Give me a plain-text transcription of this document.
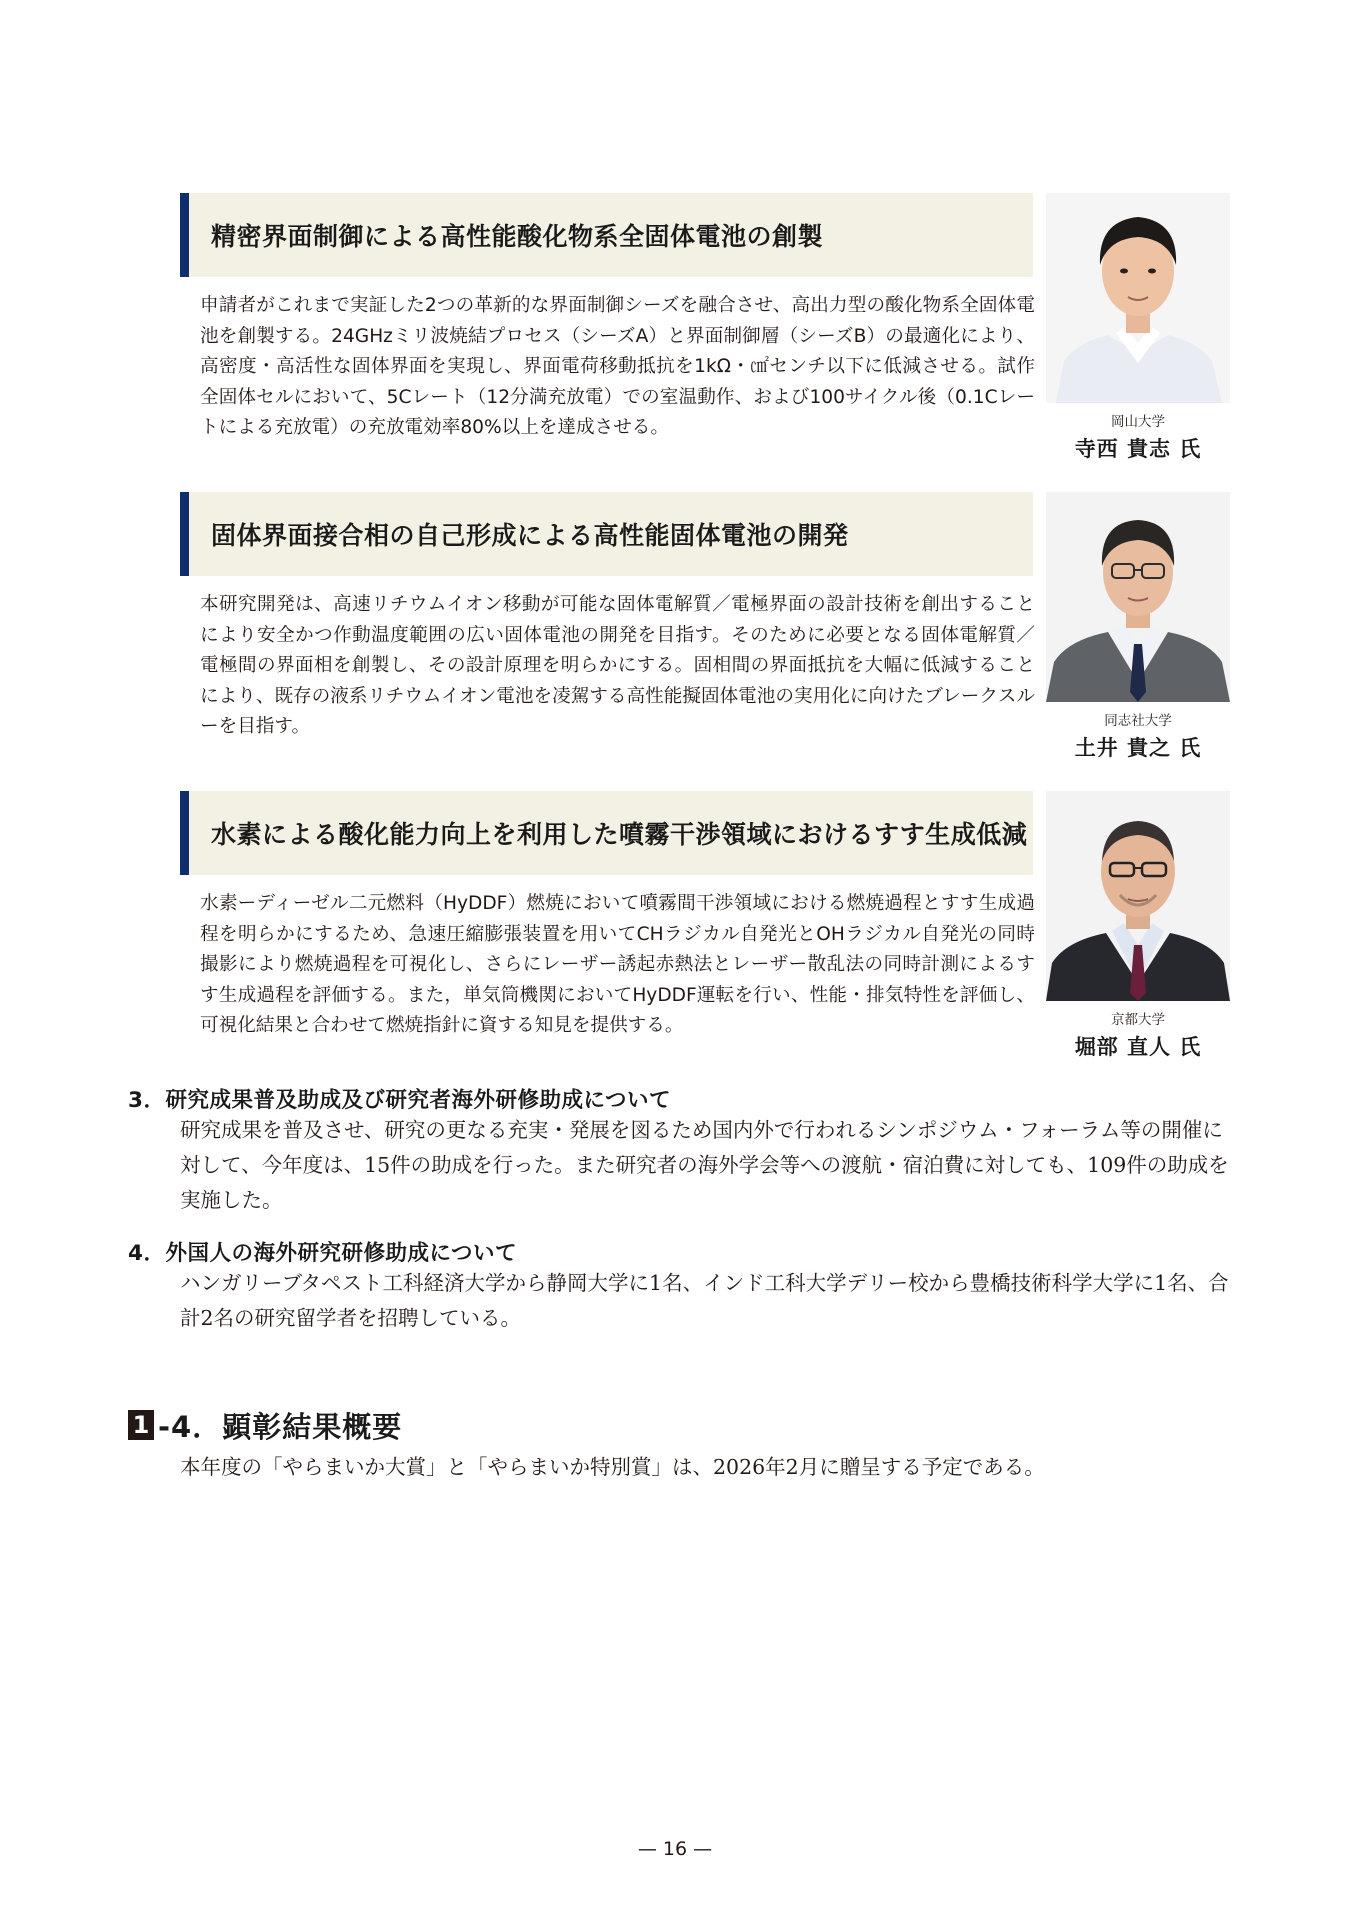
精密界面制御による高性能酸化物系全固体電池の創製
申請者がこれまで実証した2つの革新的な界面制御シーズを融合させ、高出力型の酸化物系全固体電池を創製する。24GHzミリ波焼結プロセス（シーズA）と界面制御層（シーズB）の最適化により、高密度・高活性な固体界面を実現し、界面電荷移動抵抗を1kΩ・㎠センチ以下に低減させる。試作全固体セルにおいて、5Cレート（12分満充放電）での室温動作、および100サイクル後（0.1Cレートによる充放電）の充放電効率80%以上を達成させる。	岡山大学
寺西 貴志 氏
固体界面接合相の自己形成による高性能固体電池の開発
本研究開発は、高速リチウムイオン移動が可能な固体電解質／電極界面の設計技術を創出することにより安全かつ作動温度範囲の広い固体電池の開発を目指す。そのために必要となる固体電解質／電極間の界面相を創製し、その設計原理を明らかにする。固相間の界面抵抗を大幅に低減することにより、既存の液系リチウムイオン電池を凌駕する高性能擬固体電池の実用化に向けたブレークスルーを目指す。	同志社大学
土井 貴之 氏
水素による酸化能力向上を利用した噴霧干渉領域におけるすす生成低減
水素ーディーゼル二元燃料（HyDDF）燃焼において噴霧間干渉領域における燃焼過程とすす生成過程を明らかにするため、急速圧縮膨張装置を用いてCHラジカル自発光とOHラジカル自発光の同時撮影により燃焼過程を可視化し、さらにレーザー誘起赤熱法とレーザー散乱法の同時計測によるすす生成過程を評価する。また，単気筒機関においてHyDDF運転を行い、性能・排気特性を評価し、可視化結果と合わせて燃焼指針に資する知見を提供する。	京都大学
堀部 直人 氏
3．研究成果普及助成及び研究者海外研修助成について
研究成果を普及させ、研究の更なる充実・発展を図るため国内外で行われるシンポジウム・フォーラム等の開催に対して、今年度は、15件の助成を行った。また研究者の海外学会等への渡航・宿泊費に対しても、109件の助成を実施した。
4．外国人の海外研究研修助成について
ハンガリーブタペスト工科経済大学から静岡大学に1名、インド工科大学デリー校から豊橋技術科学大学に1名、合計2名の研究留学者を招聘している。
1 -4．顕彰結果概要
本年度の「やらまいか大賞」と「やらまいか特別賞」は、2026年2月に贈呈する予定である。
— 16 —
